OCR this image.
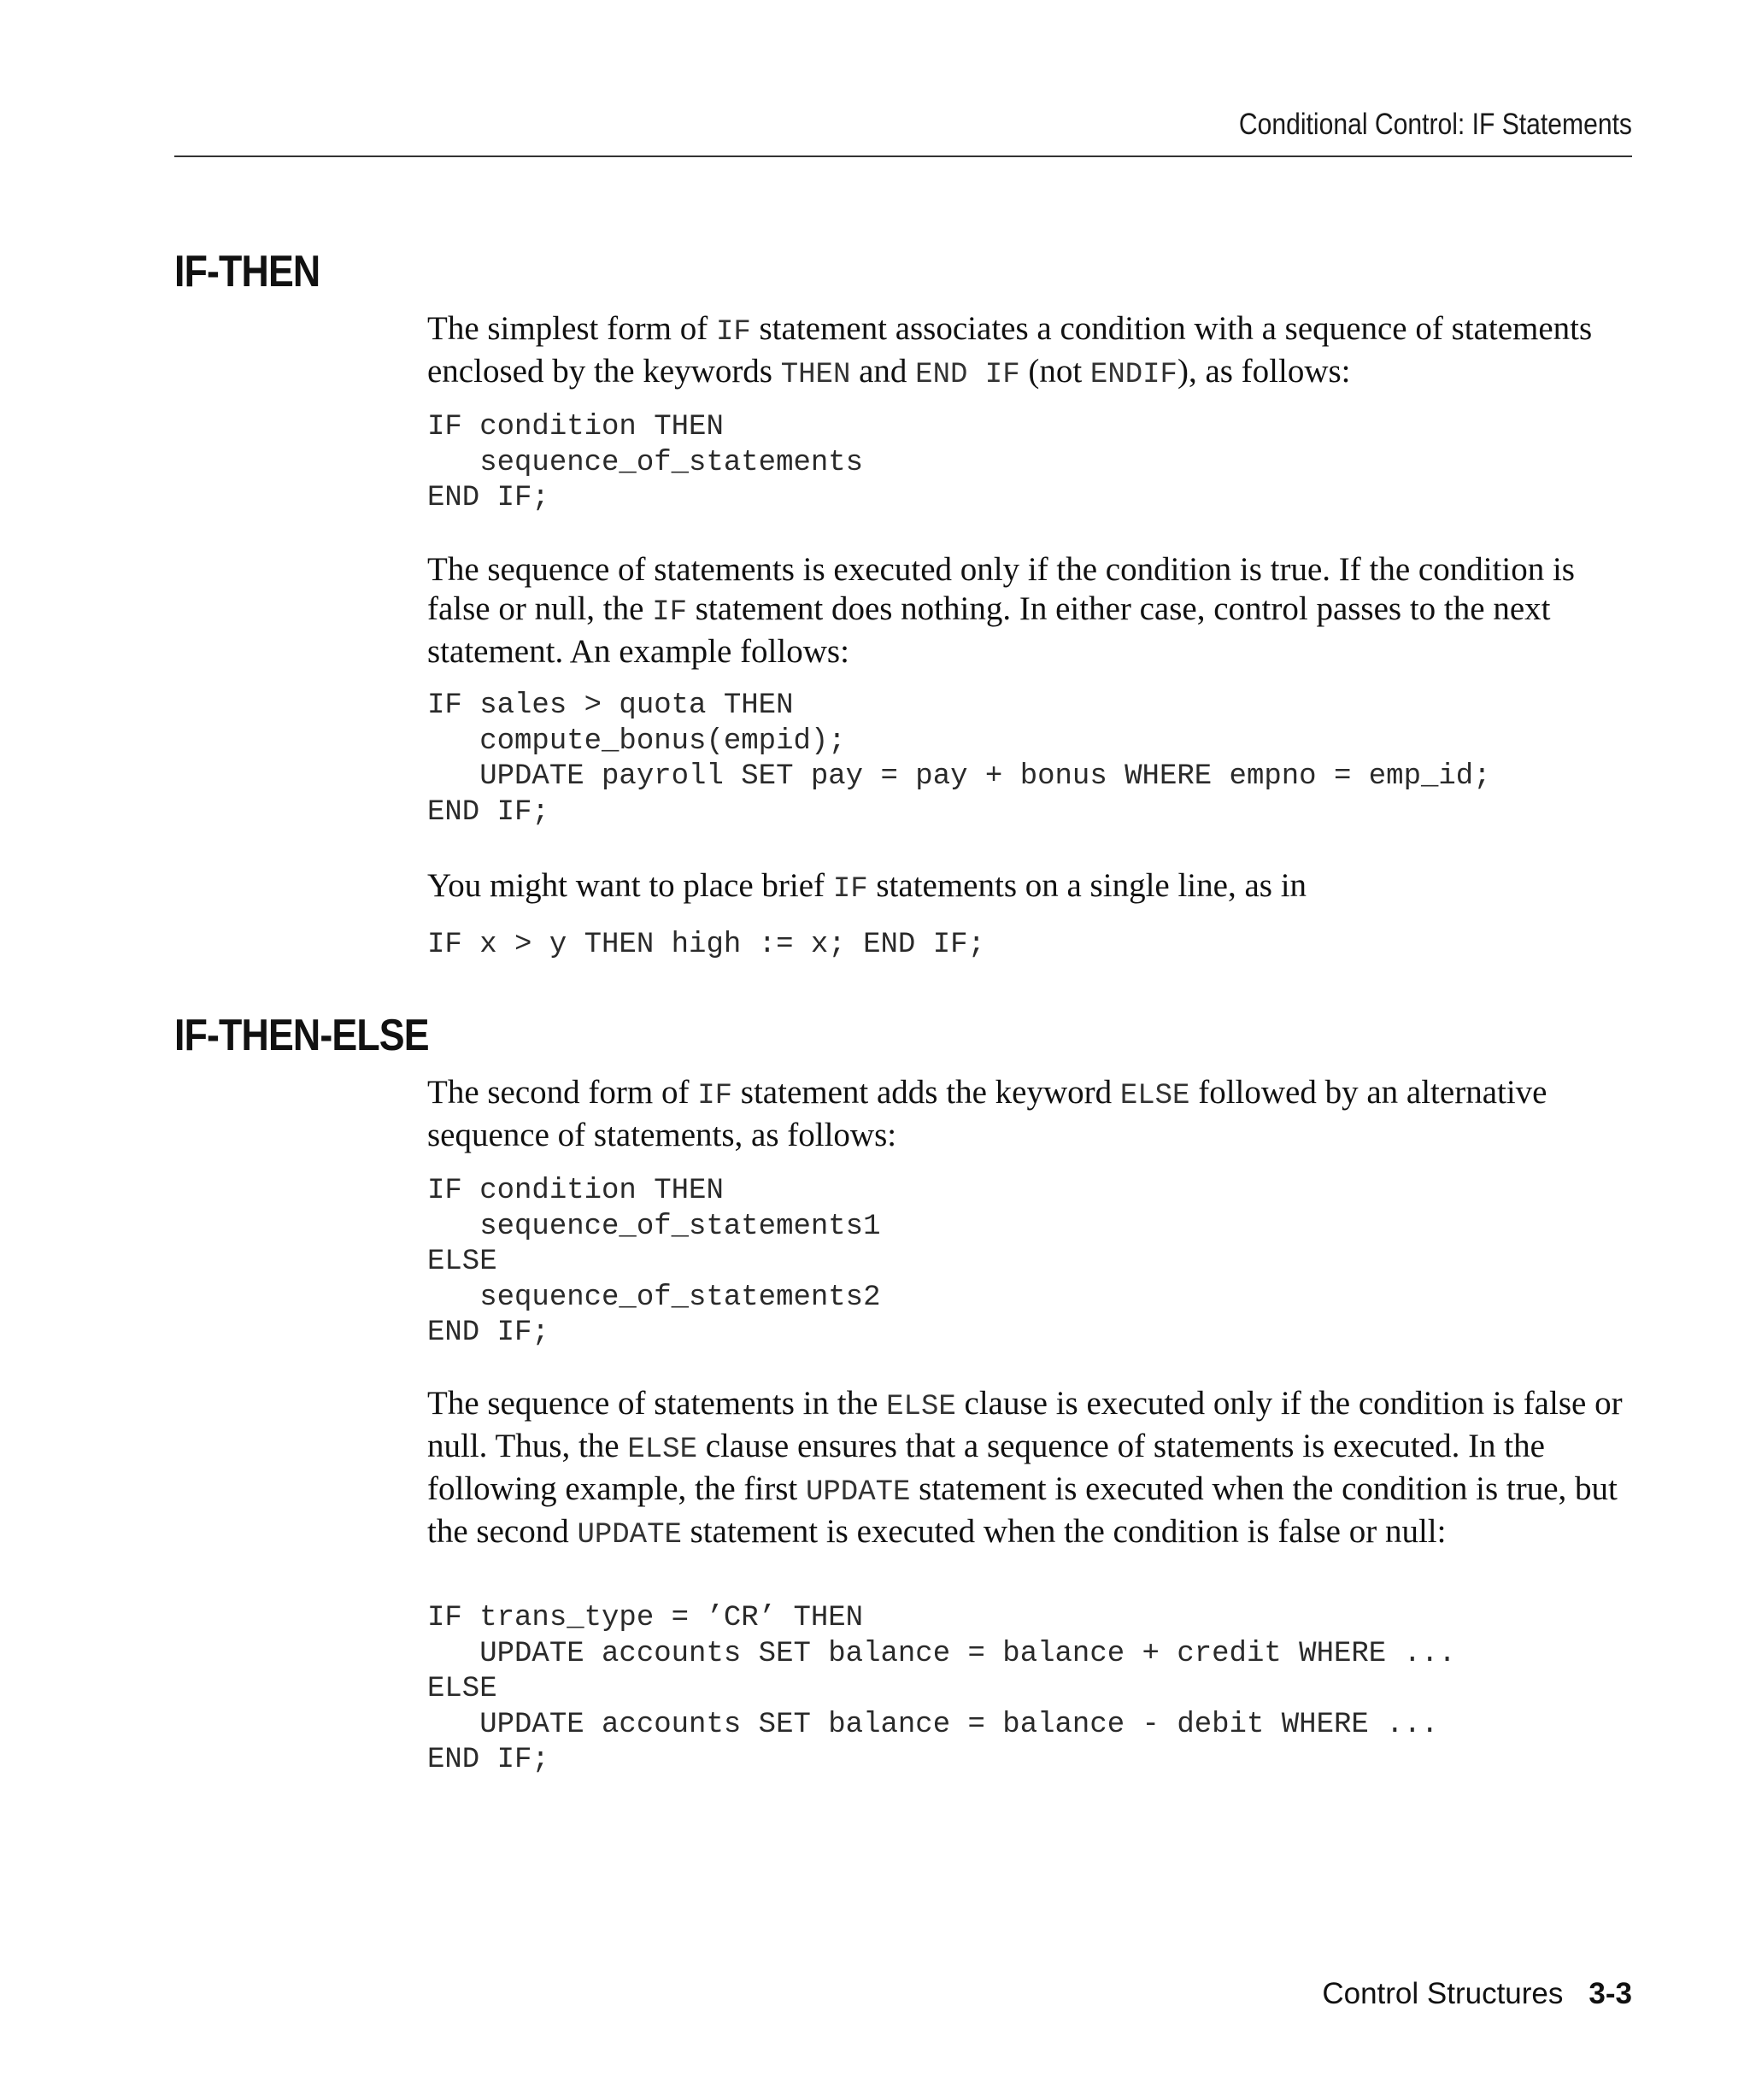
Conditional Control: IF Statements
IF-THEN

The simplest form of IF statement associates a condition with a sequence of statements enclosed by the keywords THEN and END IF (not ENDIF), as follows:

IF condition THEN
sequence_of_statements
END IF;

The sequence of statements is executed only if the condition is true. If the condition is false or null, the IF statement does nothing. In either case, control passes to the next statement. An example follows:

IF sales > quota THEN
compute_bonus(empid);
UPDATE payroll SET pay = pay + bonus WHERE empno = emp_id;
END IF;

You might want to place brief IF statements on a single line, as in

IF x > y THEN high := x; END IF;
IF-THEN-ELSE

The second form of IF statement adds the keyword ELSE followed by an alternative sequence of statements, as follows:

IF condition THEN
sequence_of_statements1
ELSE
sequence_of_statements2
END IF;

The sequence of statements in the ELSE clause is executed only if the condition is false or null. Thus, the ELSE clause ensures that a sequence of statements is executed. In the following example, the first UPDATE statement is executed when the condition is true, but the second UPDATE statement is executed when the condition is false or null:

IF trans_type = ’CR’ THEN
UPDATE accounts SET balance = balance + credit WHERE ...
ELSE
UPDATE accounts SET balance = balance - debit WHERE ...
END IF;
Control Structures 3-3
